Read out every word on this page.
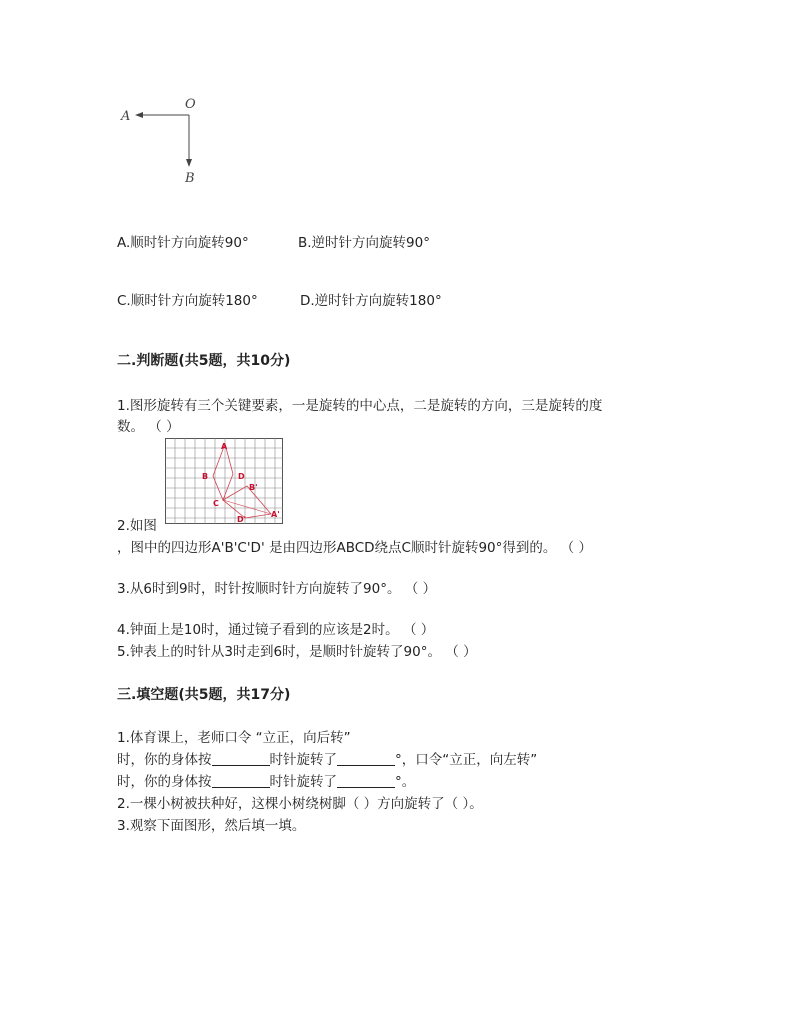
A
O
B
A.顺时针方向旋转90°	B.逆时针方向旋转90°
C.顺时针方向旋转180°	D.逆时针方向旋转180°
二.判断题(共5题，共10分)
1.图形旋转有三个关键要素，一是旋转的中心点，二是旋转的方向，三是旋转的度
数。 （ ）
A
B	D
B'
C
D'
A'
2.如图
，图中的四边形A'B'C'D' 是由四边形ABCD绕点C顺时针旋转90°得到的。 （ ）
3.从6时到9时，时针按顺时针方向旋转了90°。 （ ）
4.钟面上是10时，通过镜子看到的应该是2时。 （ ）
5.钟表上的时针从3时走到6时，是顺时针旋转了90°。 （ ）
三.填空题(共5题，共17分)
1.体育课上，老师口令 “立正，向后转”
时，你的身体按	时针旋转了	°，口令“立正，向左转”
时，你的身体按	时针旋转了	°。
2.一棵小树被扶种好，这棵小树绕树脚（ ）方向旋转了（ ）。
3.观察下面图形，然后填一填。
